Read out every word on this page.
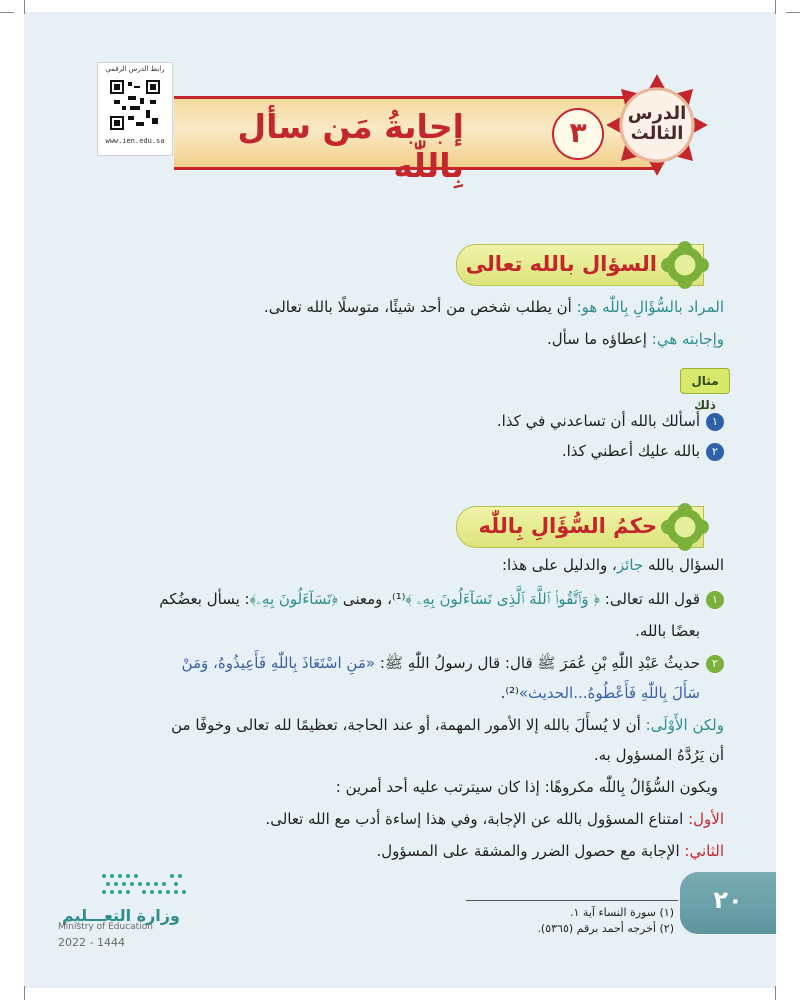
رابط الدرس الرقمي
www.ien.edu.sa	إجابةُ مَن سأل بِاللّٰه
٣
الدرس
الثالث
السؤال بالله تعالى
المراد بالسُّؤَالِ بِاللّٰه هو: أن يطلب شخص من أحد شيئًا، متوسلًا بالله تعالى.
وإجابته هي: إعطاؤه ما سأل.
مثال ذلك
١أسألك بالله أن تساعدني في كذا.
٢بالله عليك أعطني كذا.
حكمُ السُّؤَالِ بِاللّٰه
السؤال بالله جائز، والدليل على هذا:
١قول الله تعالى: ﴿ وَٱتَّقُوا۟ ٱللَّهَ ٱلَّذِى تَسَآءَلُونَ بِهِۦ ﴾⁽¹⁾، ومعنى ﴿تَسَآءَلُونَ بِهِۦ﴾: يسأل بعضُكم
بعضًا بالله.
٢حديثُ عَبْدِ اللّٰهِ بْنِ عُمَرَ ﷺ قال: قال رسولُ اللّٰهِ ﷺ: «مَنِ اسْتَعَاذَ بِاللّٰهِ فَأَعِيذُوهُ، وَمَنْ
سَأَلَ بِاللّٰهِ فَأَعْطُوهُ...الحديث»⁽²⁾.
ولكن الأَوْلَى: أن لا يُسأَلَ بالله إلا الأمور المهمة، أو عند الحاجة، تعظيمًا لله تعالى وخوفًا من
أن يَرُدَّهُ المسؤول به.
ويكون السُّؤَالُ بِاللّٰه مكروهًا: إذا كان سيترتب عليه أحد أمرين :
الأول: امتناع المسؤول بالله عن الإجابة، وفي هذا إساءة أدب مع الله تعالى.
الثاني: الإجابة مع حصول الضرر والمشقة على المسؤول.
٢٠
(١) سورة النساء آية ١.
(٢) أخرجه أحمد برقم (٥٣٦٥).
وزارة التعـــليم
Ministry of Education
2022 - 1444
